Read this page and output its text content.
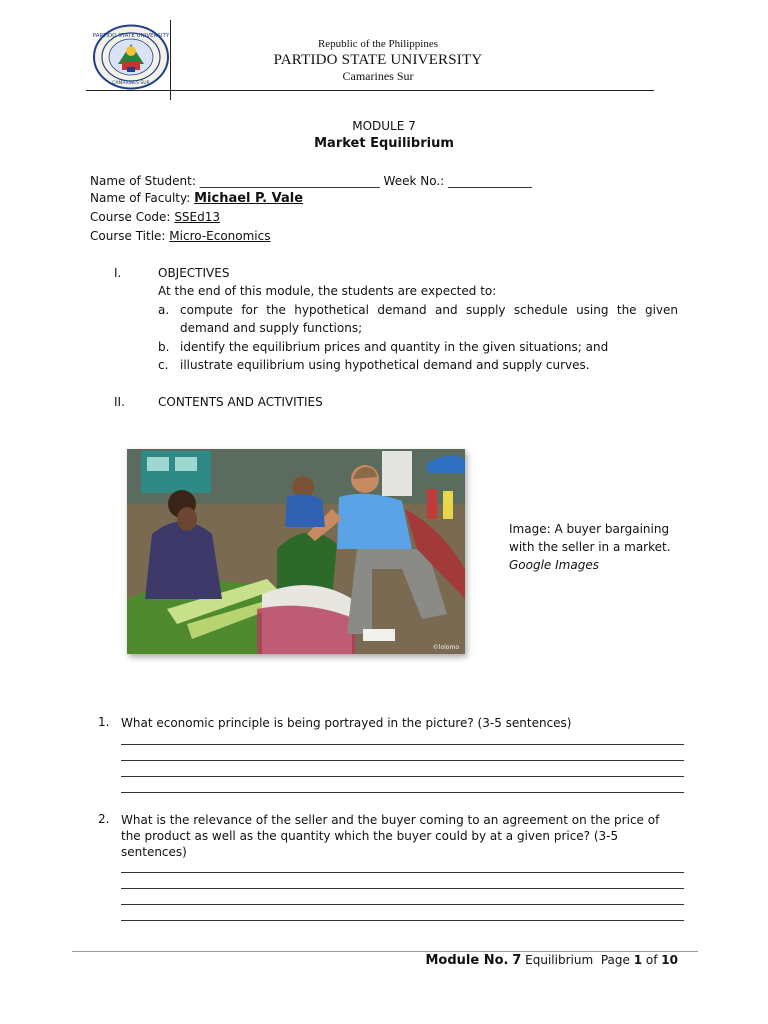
PARTIDO STATE UNIVERSITY
CAMARINES SUR
Republic of the Philippines
PARTIDO STATE UNIVERSITY
Camarines Sur
MODULE 7
Market Equilibrium
Name of Student: ______________________________ Week No.: ______________
Name of Faculty: Michael P. Vale
Course Code: SSEd13
Course Title: Micro-Economics
I.	OBJECTIVES
At the end of this module, the students are expected to:
a. compute for the hypothetical demand and supply schedule using the given demand and supply functions;
b. identify the equilibrium prices and quantity in the given situations; and
c. illustrate equilibrium using hypothetical demand and supply curves.
II.	CONTENTS AND ACTIVITIES
©lolomo
Image: A buyer bargaining
with the seller in a market.
Google Images
1. What economic principle is being portrayed in the picture? (3-5 sentences)
2. What is the relevance of the seller and the buyer coming to an agreement on the price of the product as well as the quantity which the buyer could by at a given price? (3-5 sentences)
Module No. 7 Equilibrium Page 1 of 10
